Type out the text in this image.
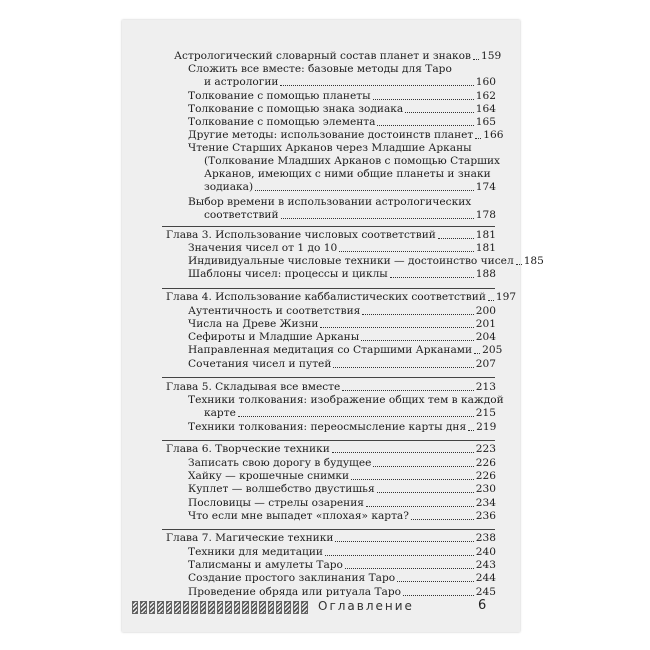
Астрологический словарный состав планет и знаков 159
Сложить все вместе: базовые методы для Таро
и астрологии	160
Толкование с помощью планеты	162
Толкование с помощью знака зодиака	164
Толкование с помощью элемента	165
Другие методы: использование достоинств планет 166
Чтение Старших Арканов через Младшие Арканы
(Толкование Младших Арканов с помощью Старших
Арканов, имеющих с ними общие планеты и знаки
зодиака)	174
Выбор времени в использовании астрологических
соответствий	178
Глава 3. Использование числовых соответствий	181
Значения чисел от 1 до 10	181
Индивидуальные числовые техники — достоинство чисел 185
Шаблоны чисел: процессы и циклы	188
Глава 4. Использование каббалистических соответствий 197
Аутентичность и соответствия	200
Числа на Древе Жизни	201
Сефироты и Младшие Арканы	204
Направленная медитация со Старшими Арканами 205
Сочетания чисел и путей	207
Глава 5. Складывая все вместе	213
Техники толкования: изображение общих тем в каждой
карте	215
Техники толкования: переосмысление карты дня 219
Глава 6. Творческие техники	223
Записать свою дорогу в будущее	226
Хайку — крошечные снимки	226
Куплет — волшебство двустишья	230
Пословицы — стрелы озарения	234
Что если мне выпадет «плохая» карта?	236
Глава 7. Магические техники	238
Техники для медитации	240
Талисманы и амулеты Таро	243
Создание простого заклинания Таро	244
Проведение обряда или ритуала Таро	245
Оглавление	6
